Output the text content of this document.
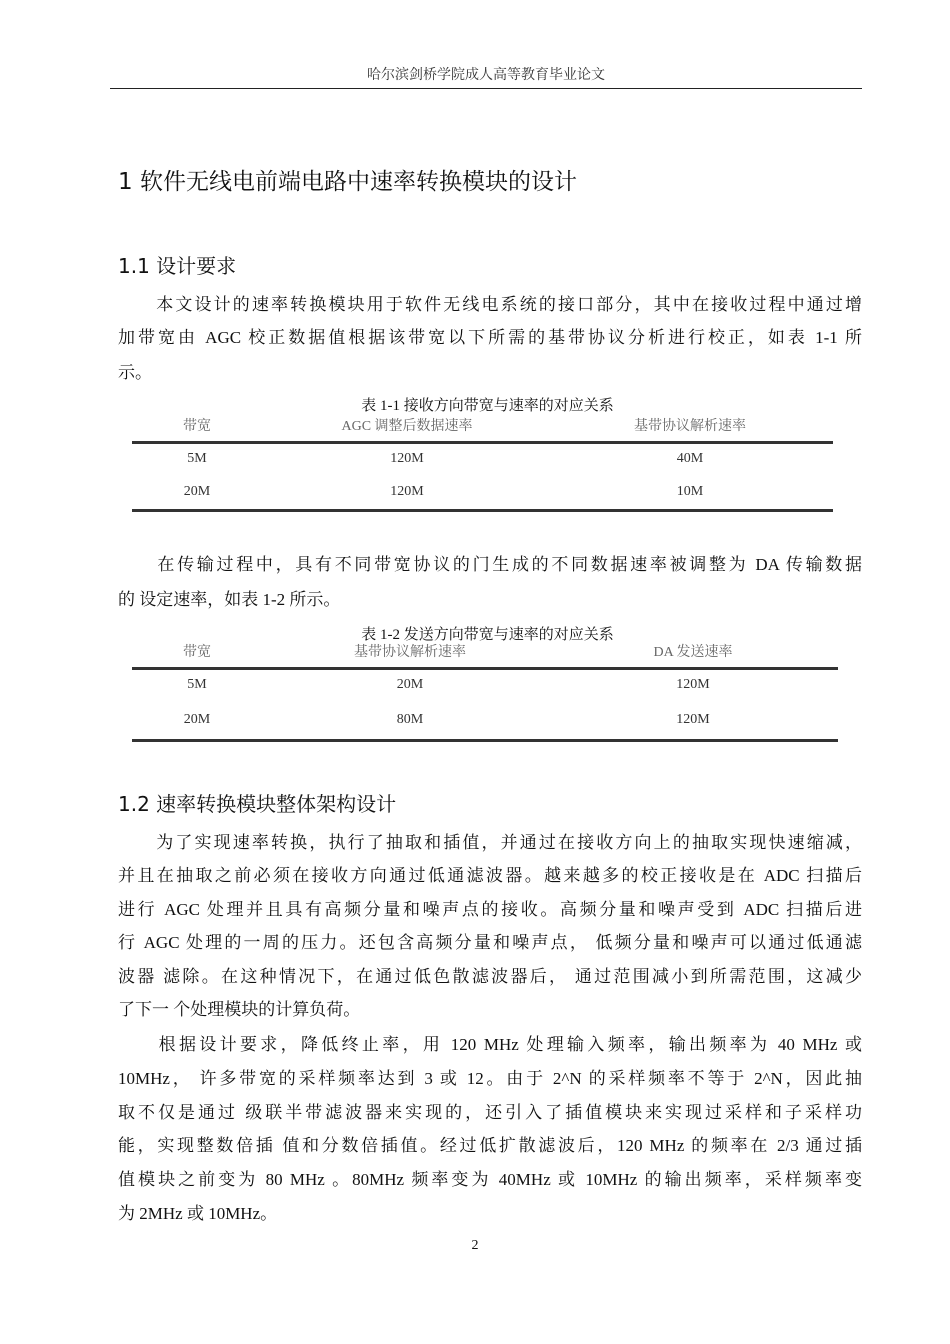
哈尔滨剑桥学院成人高等教育毕业论文
1 软件无线电前端电路中速率转换模块的设计
1.1 设计要求
　　本文设计的速率转换模块用于软件无线电系统的接口部分，其中在接收过程中通过增
加带宽由 AGC 校正数据值根据该带宽以下所需的基带协议分析进行校正，如表 1-1 所
示。
　　在传输过程中，具有不同带宽协议的门生成的不同数据速率被调整为 DA 传输数据
的 设定速率，如表 1-2 所示。
　　为了实现速率转换，执行了抽取和插值，并通过在接收方向上的抽取实现快速缩减，
并且在抽取之前必须在接收方向通过低通滤波器。越来越多的校正接收是在 ADC 扫描后
进行 AGC 处理并且具有高频分量和噪声点的接收。高频分量和噪声受到 ADC 扫描后进
行 AGC 处理的一周的压力。还包含高频分量和噪声点， 低频分量和噪声可以通过低通滤
波器 滤除。在这种情况下，在通过低色散滤波器后， 通过范围减小到所需范围，这减少
了下一 个处理模块的计算负荷。
　　根据设计要求，降低终止率，用 120 MHz 处理输入频率，输出频率为 40 MHz 或
10MHz， 许多带宽的采样频率达到 3 或 12。由于 2^N 的采样频率不等于 2^N，因此抽
取不仅是通过 级联半带滤波器来实现的，还引入了插值模块来实现过采样和子采样功
能，实现整数倍插 值和分数倍插值。经过低扩散滤波后，120 MHz 的频率在 2/3 通过插
值模块之前变为 80 MHz 。80MHz 频率变为 40MHz 或 10MHz 的输出频率，采样频率变
为 2MHz 或 10MHz。
表 1-1 接收方向带宽与速率的对应关系
带宽	AGC 调整后数据速率	基带协议解析速率
5M	120M	40M
20M	120M	10M
表 1-2 发送方向带宽与速率的对应关系
带宽	基带协议解析速率	DA 发送速率
5M	20M	120M
20M	80M	120M
1.2 速率转换模块整体架构设计
2
